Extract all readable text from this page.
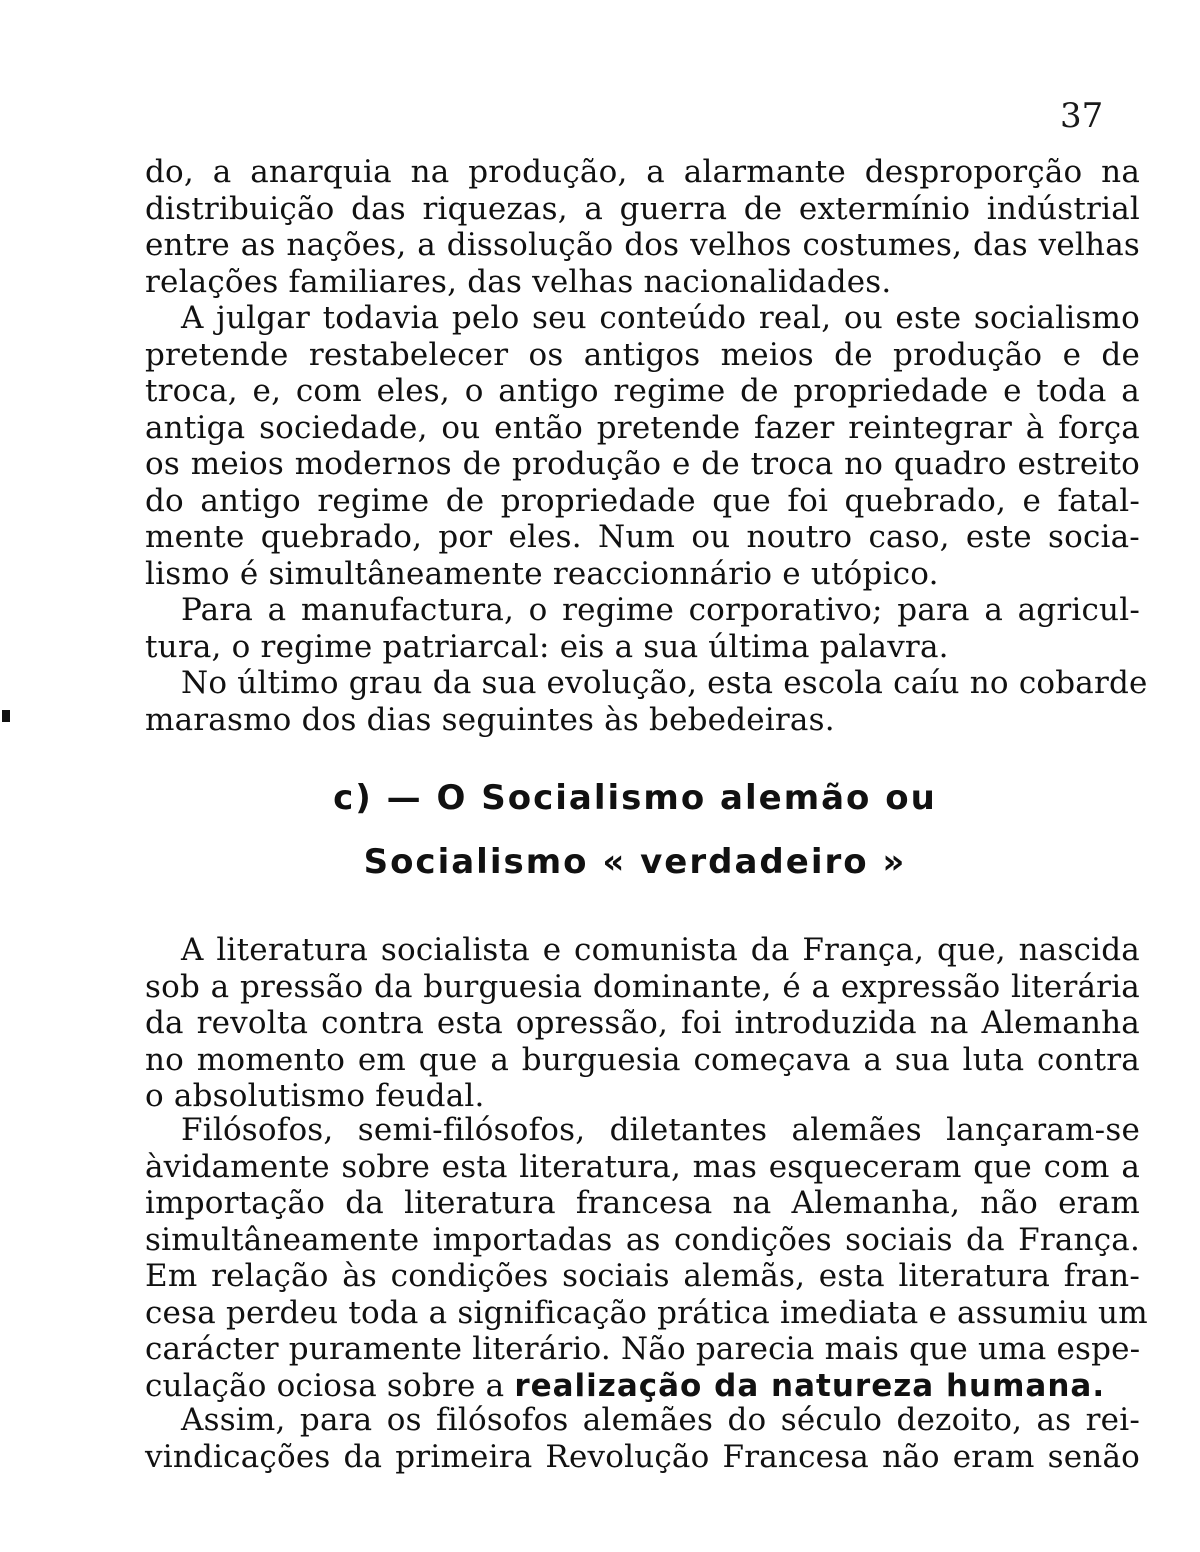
37
do, a anarquia na produção, a alarmante desproporção na
distribuição das riquezas, a guerra de extermínio indústrial
entre as nações, a dissolução dos velhos costumes, das velhas
relações familiares, das velhas nacionalidades.
A julgar todavia pelo seu conteúdo real, ou este socialismo
pretende restabelecer os antigos meios de produção e de
troca, e, com eles, o antigo regime de propriedade e toda a
antiga sociedade, ou então pretende fazer reintegrar à força
os meios modernos de produção e de troca no quadro estreito
do antigo regime de propriedade que foi quebrado, e fatal-
mente quebrado, por eles. Num ou noutro caso, este socia-
lismo é simultâneamente reaccionnário e utópico.
Para a manufactura, o regime corporativo; para a agricul-
tura, o regime patriarcal: eis a sua última palavra.
No último grau da sua evolução, esta escola caíu no cobarde
marasmo dos dias seguintes às bebedeiras.
c) — O Socialismo alemão ou
Socialismo « verdadeiro »
A literatura socialista e comunista da França, que, nascida
sob a pressão da burguesia dominante, é a expressão literária
da revolta contra esta opressão, foi introduzida na Alemanha
no momento em que a burguesia começava a sua luta contra
o absolutismo feudal.
Filósofos, semi-filósofos, diletantes alemães lançaram-se
àvidamente sobre esta literatura, mas esqueceram que com a
importação da literatura francesa na Alemanha, não eram
simultâneamente importadas as condições sociais da França.
Em relação às condições sociais alemãs, esta literatura fran-
cesa perdeu toda a significação prática imediata e assumiu um
carácter puramente literário. Não parecia mais que uma espe-
culação ociosa sobre a realização da natureza humana.
Assim, para os filósofos alemães do século dezoito, as rei-
vindicações da primeira Revolução Francesa não eram senão
